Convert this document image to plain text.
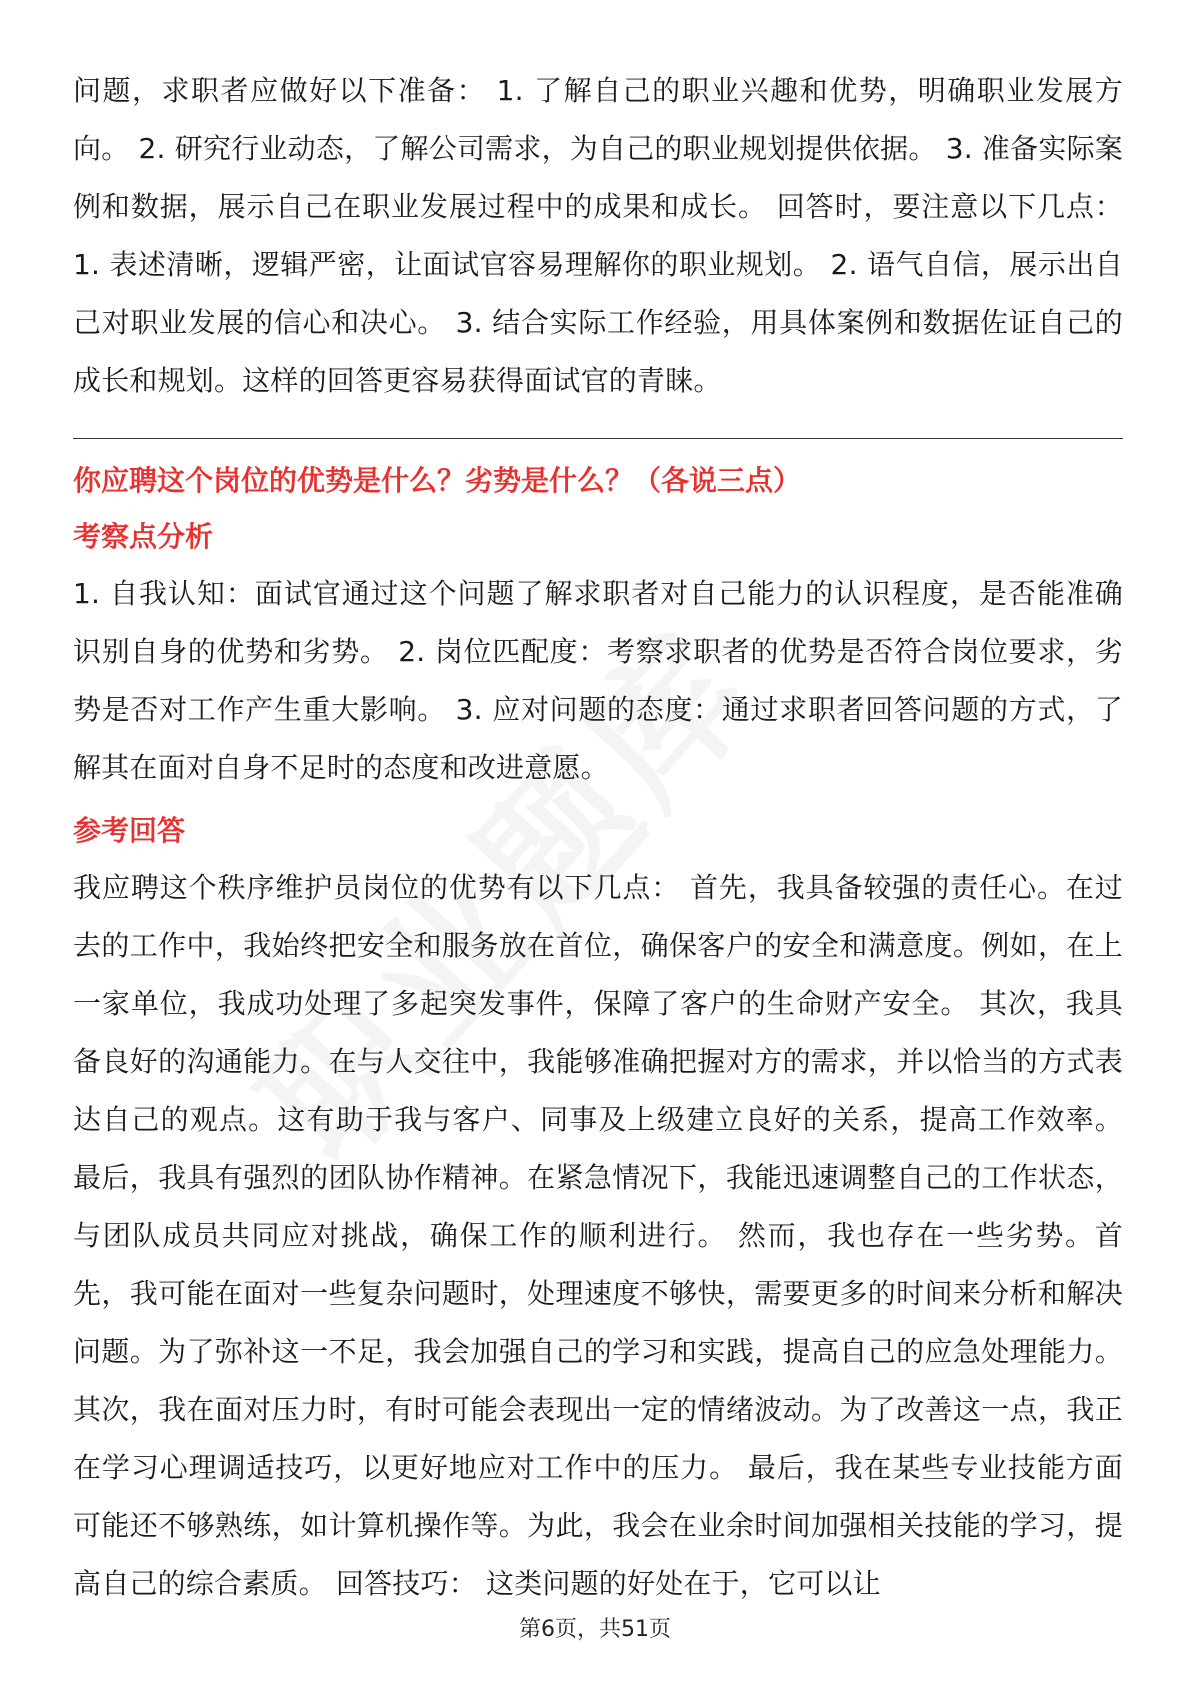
问题，求职者应做好以下准备： 1. 了解自己的职业兴趣和优势，明确职业发展方向。 2. 研究行业动态，了解公司需求，为自己的职业规划提供依据。 3. 准备实际案例和数据，展示自己在职业发展过程中的成果和成长。 回答时，要注意以下几点： 1. 表述清晰，逻辑严密，让面试官容易理解你的职业规划。 2. 语气自信，展示出自己对职业发展的信心和决心。 3. 结合实际工作经验，用具体案例和数据佐证自己的成长和规划。这样的回答更容易获得面试官的青睐。

你应聘这个岗位的优势是什么？劣势是什么？（各说三点）

考察点分析

1. 自我认知：面试官通过这个问题了解求职者对自己能力的认识程度，是否能准确识别自身的优势和劣势。 2. 岗位匹配度：考察求职者的优势是否符合岗位要求，劣势是否对工作产生重大影响。 3. 应对问题的态度：通过求职者回答问题的方式，了解其在面对自身不足时的态度和改进意愿。

参考回答

我应聘这个秩序维护员岗位的优势有以下几点： 首先，我具备较强的责任心。在过去的工作中，我始终把安全和服务放在首位，确保客户的安全和满意度。例如，在上一家单位，我成功处理了多起突发事件，保障了客户的生命财产安全。 其次，我具备良好的沟通能力。在与人交往中，我能够准确把握对方的需求，并以恰当的方式表达自己的观点。这有助于我与客户、同事及上级建立良好的关系，提高工作效率。 最后，我具有强烈的团队协作精神。在紧急情况下，我能迅速调整自己的工作状态，与团队成员共同应对挑战，确保工作的顺利进行。 然而，我也存在一些劣势。首先，我可能在面对一些复杂问题时，处理速度不够快，需要更多的时间来分析和解决问题。为了弥补这一不足，我会加强自己的学习和实践，提高自己的应急处理能力。 其次，我在面对压力时，有时可能会表现出一定的情绪波动。为了改善这一点，我正在学习心理调适技巧，以更好地应对工作中的压力。 最后，我在某些专业技能方面可能还不够熟练，如计算机操作等。为此，我会在业余时间加强相关技能的学习，提高自己的综合素质。 回答技巧： 这类问题的好处在于，它可以让

第6页，共51页
